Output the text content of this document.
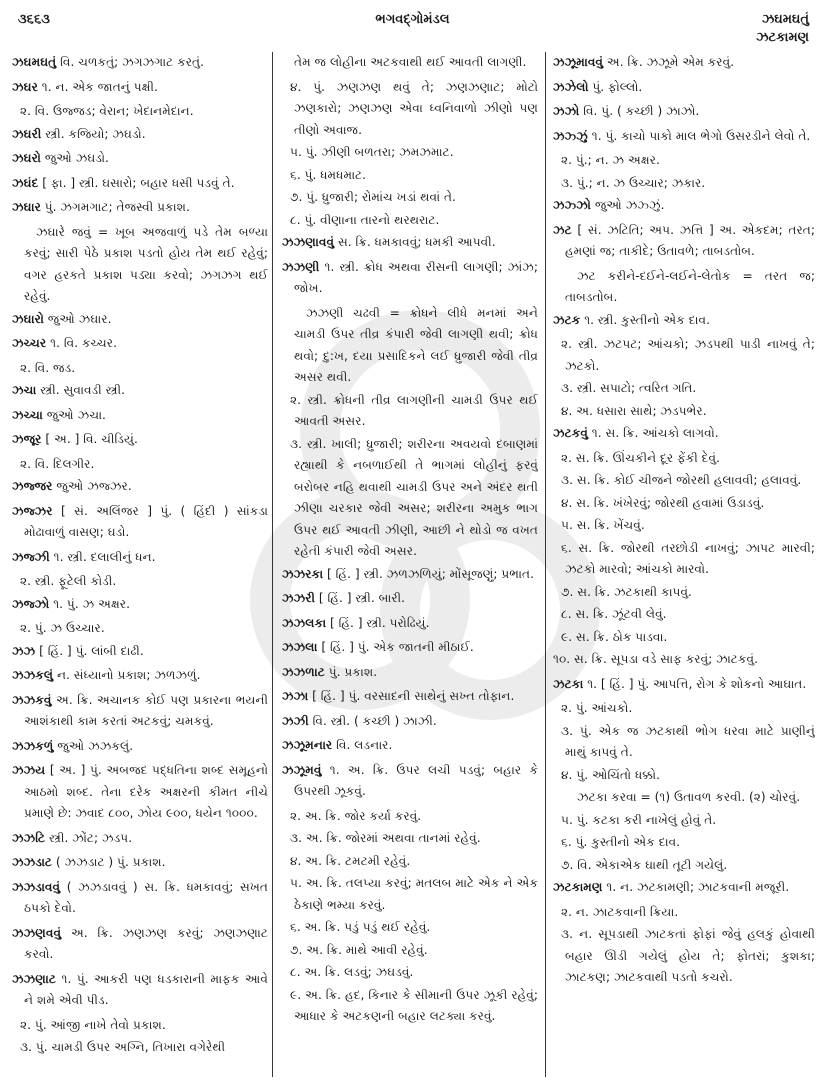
૩૬૬૩	ભગવદ્ગોમંડલ	ઝઘમઘતું
ઝટકામણ

ઝઘમઘતું વિ. ચળકતું; ઝગઝગાટ કરતું.

ઝઘર ૧. ન. એક જાતનું પક્ષી.

૨. વિ. ઉજ્જડ; વેરાન; ખેદાનમેદાન.

ઝઘરી સ્ત્રી. કજિયો; ઝઘડો.

ઝઘરો જુઓ ઝઘડો.

ઝઘંદ [ ફા. ] સ્ત્રી. ઘસારો; બહાર ધસી પડવું તે.

ઝઘાર પું. ઝગમગાટ; તેજસ્વી પ્રકાશ.

ઝઘારે જવું = ખૂબ અજવાળું પડે તેમ બળ્યા કરવું; સારી પેઠે પ્રકાશ પડતો હોય તેમ થઈ રહેવું; વગર હરકતે પ્રકાશ પડ્યા કરવો; ઝગઝગ થઈ રહેવું.

ઝઘારો જુઓ ઝઘાર.

ઝચ્ચર ૧. વિ. કચ્ચર.

૨. વિ. જડ.

ઝચા સ્ત્રી. સુવાવડી સ્ત્રી.

ઝચ્ચા જુઓ ઝચા.

ઝજૂર [ અ. ] વિ. ચીડિયું.

૨. વિ. દિલગીર.

ઝજ્જર જુઓ ઝજ્ઝર.

ઝજ્ઝર [ સં. અલિંજર ] પું. ( હિંદી ) સાંકડા મોઢાવાળું વાસણ; ઘડો.

ઝજ્ઝી ૧. સ્ત્રી. દલાલીનું ધન.

૨. સ્ત્રી. ફૂટેલી કોડી.

ઝજ્ઝો ૧. પું. ઝ અક્ષર.

૨. પું. ઝ ઉચ્ચાર.

ઝઝ [ હિં. ] પું. લાંબી દાઢી.

ઝઝકલું ન. સંધ્યાનો પ્રકાશ; ઝળઝળું.

ઝઝકવું અ. ક્રિ. અચાનક કોઈ પણ પ્રકારના ભયની આશંકાથી કામ કરતાં અટકવું; ચમકવું.

ઝઝકળું જુઓ ઝઝકલું.

ઝઝય [ અ. ] પું. અબજદ પદ્ધતિના શબ્દ સમૂહનો આઠમો શબ્દ. તેના દરેક અક્ષરની કીમત નીચે પ્રમાણે છે: ઝવાદ ૮૦૦, ઝોય ૯૦૦, ધયેન ૧૦૦૦.

ઝઝટિ સ્ત્રી. ઝોંટ; ઝડપ.

ઝઝડાટ ( ઝઝડાટ ) પું. પ્રકાશ.

ઝઝડાવવું ( ઝઝડાવવું ) સ. ક્રિ. ધમકાવવું; સખત ઠપકો દેવો.

ઝઝણવવું અ. ક્રિ. ઝણઝણ કરવું; ઝણઝણાટ કરવો.

ઝઝણાટ ૧. પું. આકરી પણ ધડકારાની માફક આવે ને શમે એવી પીડ.

૨. પું. આંજી નાખે તેવો પ્રકાશ.

૩. પું. ચામડી ઉપર અગ્નિ, તિખારા વગેરેથી

તેમ જ લોહીના અટકવાથી થઈ આવતી લાગણી.

૪. પું. ઝણઝણ થવું તે; ઝણઝણાટ; મોટો ઝણકારો; ઝણઝણ એવા ધ્વનિવાળો ઝીણો પણ તીણો અવાજ.

૫. પું. ઝીણી બળતરા; ઝમઝમાટ.

૬. પું. ધમધમાટ.

૭. પું. ધ્રુજારી; રોમાંચ ખડાં થવાં તે.

૮. પું. વીણાના તારનો થરથરાટ.

ઝઝણાવવું સ. ક્રિ. ધમકાવવું; ધમકી આપવી.

ઝઝણી ૧. સ્ત્રી. ક્રોધ અથવા રીસની લાગણી; ઝાંઝ; જોખ.

ઝઝણી ચઢવી = ક્રોધને લીધે મનમાં અને ચામડી ઉપર તીવ્ર કંપારી જેવી લાગણી થવી; ક્રોધ થવો; દુ:ખ, દયા પ્રસાદિકને લઈ ધ્રુજારી જેવી તીવ્ર અસર થવી.

૨. સ્ત્રી. ક્રોધની તીવ્ર લાગણીની ચામડી ઉપર થઈ આવતી અસર.

૩. સ્ત્રી. ખાલી; ધ્રુજારી; શરીરના અવયવો દબાણમાં રહ્યાથી કે નબળાઈથી તે ભાગમાં લોહીનું ફરવું બરોબર નહિ થવાથી ચામડી ઉપર અને અંદર થતી ઝીણા ચરકાર જેવી અસર; શરીરના અમુક ભાગ ઉપર થઈ આવતી ઝીણી, આછી ને થોડો જ વખત રહેતી કંપારી જેવી અસર.

ઝઝરકા [ હિં. ] સ્ત્રી. ઝળઝળિયું; મોંસૂજણું; પ્રભાત.

ઝઝરી [ હિં. ] સ્ત્રી. બારી.

ઝઝલકા [ હિં. ] સ્ત્રી. પરોઢિયું.

ઝઝલા [ હિં. ] પું. એક જાતની મીઠાઈ.

ઝઝળાટ પું. પ્રકાશ.

ઝઝા [ હિં. ] પું. વરસાદની સાથેનું સખ્ત તોફાન.

ઝઝી વિ. સ્ત્રી. ( કચ્છી ) ઝાઝી.

ઝઝૂમનાર વિ. લડનાર.

ઝઝૂમવું ૧. અ. ક્રિ. ઉપર લચી પડવું; બહાર કે ઉપરથી ઝૂકવું.

૨. અ. ક્રિ. જોર કર્યા કરવું.

૩. અ. ક્રિ. જોરમાં અથવા તાનમાં રહેવું.

૪. અ. ક્રિ. ટમટમી રહેવું.

૫. અ. ક્રિ. તલપ્યા કરવું; મતલબ માટે એક ને એક ઠેકાણે ભમ્યા કરવું.

૬. અ. ક્રિ. પડું પડું થઈ રહેવું.

૭. અ. ક્રિ. માથે આવી રહેવું.

૮. અ. ક્રિ. લડવું; ઝઘડવું.

૯. અ. ક્રિ. હદ, કિનાર કે સીમાની ઉપર ઝૂકી રહેવું; આધાર કે અટકણની બહાર લટક્યા કરવું.

ઝઝૂમાવવું અ. ક્રિ. ઝઝૂમે એમ કરવું.

ઝઝેલો પું. ફોલ્લો.

ઝઝો વિ. પું. ( કચ્છી ) ઝાઝો.

ઝઝ્ઝું ૧. પું. કાચો પાકો માલ ભેગો ઉસરડીને લેવો તે.

૨. પું.; ન. ઝ અક્ષર.

૩. પું.; ન. ઝ ઉચ્ચાર; ઝકાર.

ઝઝ્ઝો જુઓ ઝઝ્ઝું.

ઝટ [ સં. ઝટિતિ; અપ. ઝત્તિ ] અ. એકદમ; તરત; હમણાં જ; તાકીદે; ઉતાવળે; તાબડતોબ.

ઝટ કરીને-દઈને-લઈને-લેતોક = તરત જ; તાબડતોબ.

ઝટક ૧. સ્ત્રી. કુસ્તીનો એક દાવ.

૨. સ્ત્રી. ઝટપટ; આંચકો; ઝડપથી પાડી નાખવું તે; ઝટકો.

૩. સ્ત્રી. સપાટો; ત્વરિત ગતિ.

૪. અ. ધસારા સાથે; ઝડપભેર.

ઝટકવું ૧. સ. ક્રિ. આંચકો લાગવો.

૨. સ. ક્રિ. ઊંચકીને દૂર ફેંકી દેવું.

૩. સ. ક્રિ. કોઈ ચીજને જોરથી હલાવવી; હલાવવું.

૪. સ. ક્રિ. ખંખેરવું; જોરથી હવામાં ઉડાડવું.

૫. સ. ક્રિ. ખેંચવું.

૬. સ. ક્રિ. જોરથી તરછોડી નાખવું; ઝાપટ મારવી; ઝટકો મારવો; આંચકો મારવો.

૭. સ. ક્રિ. ઝટકાથી કાપવું.

૮. સ. ક્રિ. ઝૂંટવી લેવું.

૯. સ. ક્રિ. ઠોક પાડવા.

૧૦. સ. ક્રિ. સૂપડા વડે સાફ કરવું; ઝાટકવું.

ઝટકા ૧. [ હિં. ] પું. આપત્તિ, રોગ કે શોકનો આઘાત.

૨. પું. આંચકો.

૩. પું. એક જ ઝટકાથી ભોગ ધરવા માટે પ્રાણીનું માથું કાપવું તે.

૪. પું. ઓચિંતો ધક્કો.

ઝટકા કરવા = (૧) ઉતાવળ કરવી. (૨) ચોરવું.

૫. પું. કટકા કરી નાખેલું હોવું તે.

૬. પું. કુસ્તીનો એક દાવ.

૭. વિ. એકાએક ઘાથી તૂટી ગયેલું.

ઝટકામણ ૧. ન. ઝટકામણી; ઝાટકવાની મજૂરી.

૨. ન. ઝાટકવાની ક્રિયા.

૩. ન. સૂપડાથી ઝાટકતાં ફોફાં જેવું હલકું હોવાથી બહાર ઊડી ગયેલું હોય તે; ફોતરાં; કુશકા; ઝાટકણ; ઝાટકવાથી પડતો કચરો.
